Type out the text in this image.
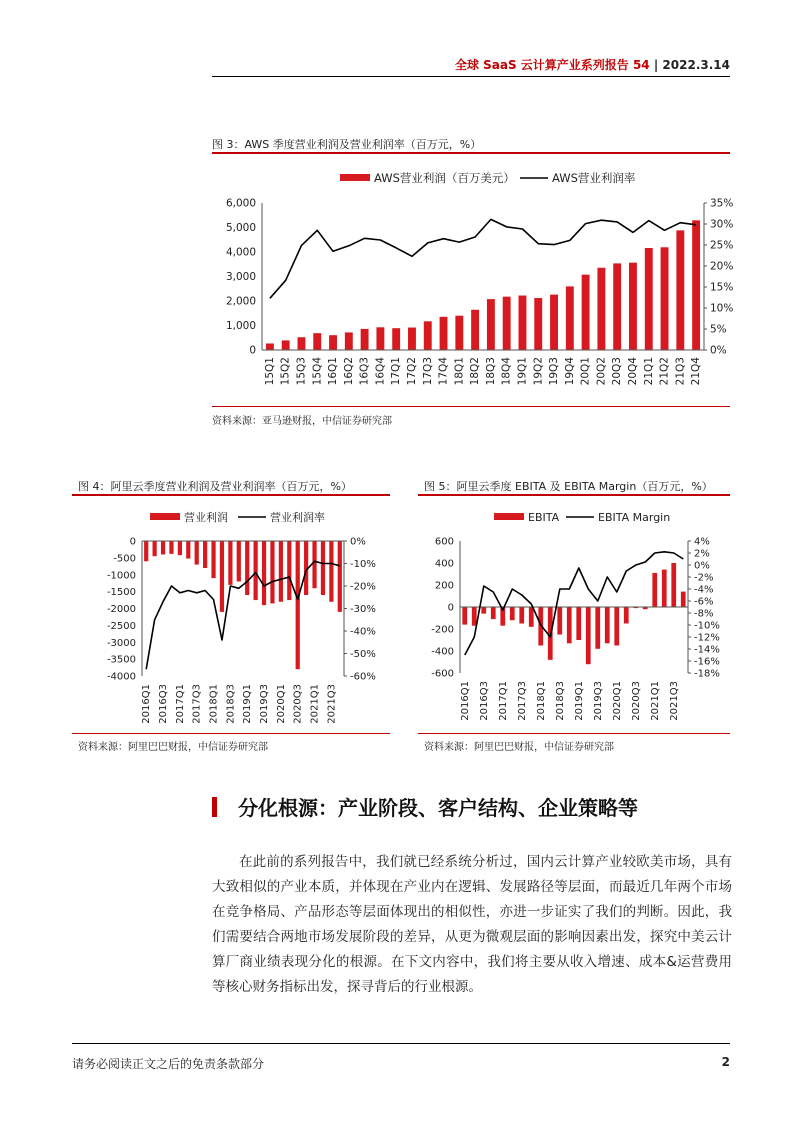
全球 SaaS 云计算产业系列报告 54 | 2022.3.14
图 3：AWS 季度营业利润及营业利润率（百万元，%）
AWS营业利润（百万美元）	AWS营业利润率
0
1,000
2,000
3,000
4,000
5,000
6,000
0%
5%
10%
15%
20%
25%
30%
35%
15Q1 15Q2 15Q3 15Q4 16Q1 16Q2 16Q3 16Q4 17Q1 17Q2 17Q3 17Q4 18Q1 18Q2 18Q3 18Q4 19Q1 19Q2 19Q3 19Q4 20Q1 20Q2 20Q3 20Q4 21Q1 21Q2 21Q3 21Q4
资料来源：亚马逊财报，中信证券研究部
图 4：阿里云季度营业利润及营业利润率（百万元，%）
营业利润	营业利润率
0
-500
-1000
-1500
-2000
-2500
-3000
-3500
-4000
0%
-10%
-20%
-30%
-40%
-50%
-60%
2016Q1 2016Q3 2017Q1 2017Q3 2018Q1 2018Q3 2019Q1 2019Q3 2020Q1 2020Q3 2021Q1 2021Q3
资料来源：阿里巴巴财报，中信证券研究部
图 5：阿里云季度 EBITA 及 EBITA Margin（百万元，%）
EBITA	EBITA Margin
600
400
200
0
-200
-400
-600
4%
2%
0%
-2%
-4%
-6%
-8%
-10%
-12%
-14%
-16%
-18%
2016Q1 2016Q3 2017Q1 2017Q3 2018Q1 2018Q3 2019Q1 2019Q3 2020Q1 2020Q3 2021Q1 2021Q3
资料来源：阿里巴巴财报，中信证券研究部
分化根源：产业阶段、客户结构、企业策略等
在此前的系列报告中，我们就已经系统分析过，国内云计算产业较欧美市场，具有大致相似的产业本质，并体现在产业内在逻辑、发展路径等层面，而最近几年两个市场在竞争格局、产品形态等层面体现出的相似性，亦进一步证实了我们的判断。因此，我们需要结合两地市场发展阶段的差异，从更为微观层面的影响因素出发，探究中美云计算厂商业绩表现分化的根源。在下文内容中，我们将主要从收入增速、成本&运营费用等核心财务指标出发，探寻背后的行业根源。
请务必阅读正文之后的免责条款部分	2
